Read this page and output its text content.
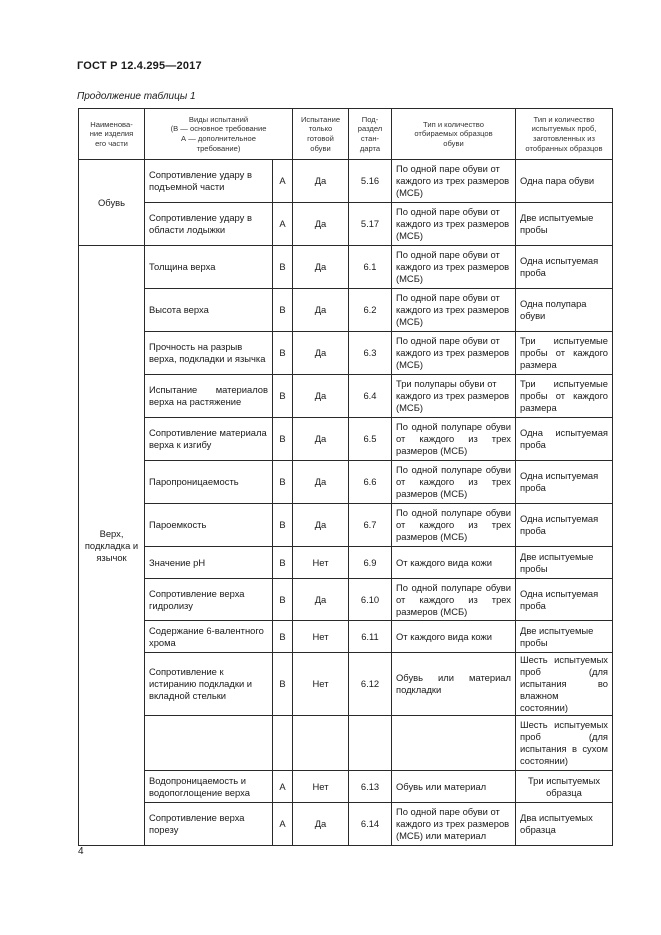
ГОСТ Р 12.4.295—2017
Продолжение таблицы 1
Наименова-
ние изделия
его части	Виды испытаний
(В — основное требование
А — дополнительное
требование)		Испытание
только
готовой
обуви	Под-
раздел
стан-
дарта	Тип и количество
отбираемых образцов
обуви	Тип и количество
испытуемых проб,
заготовленных из
отобранных образцов
Обувь	Сопротивление удару в подъемной части	А	Да	5.16	По одной паре обуви от каждого из трех размеров (МСБ)	Одна пара обуви
	Сопротивление удару в области лодыжки	А	Да	5.17	По одной паре обуви от каждого из трех размеров (МСБ)	Две испытуемые пробы
Верх, подкладка и язычок	Толщина верха	В	Да	6.1	По одной паре обуви от каждого из трех размеров (МСБ)	Одна испытуемая проба
	Высота верха	В	Да	6.2	По одной паре обуви от каждого из трех размеров (МСБ)	Одна полупара обуви
	Прочность на разрыв верха, подкладки и язычка	В	Да	6.3	По одной паре обуви от каждого из трех размеров (МСБ)	Три испытуемые пробы от каждого размера
	Испытание материалов верха на растяжение	В	Да	6.4	Три полупары обуви от каждого из трех размеров (МСБ)	Три испытуемые пробы от каждого размера
	Сопротивление материала верха к изгибу	В	Да	6.5	По одной полупаре обуви от каждого из трех размеров (МСБ)	Одна испытуемая проба
	Паропроницаемость	В	Да	6.6	По одной полупаре обуви от каждого из трех размеров (МСБ)	Одна испытуемая проба
	Пароемкость	В	Да	6.7	По одной полупаре обуви от каждого из трех размеров (МСБ)	Одна испытуемая проба
	Значение pH	В	Нет	6.9	От каждого вида кожи	Две испытуемые пробы
	Сопротивление верха гидролизу	В	Да	6.10	По одной полупаре обуви от каждого из трех размеров (МСБ)	Одна испытуемая проба
	Содержание 6-валентного хрома	В	Нет	6.11	От каждого вида кожи	Две испытуемые пробы
	Сопротивление к истиранию подкладки и вкладной стельки	В	Нет	6.12	Обувь или материал подкладки	Шесть испытуемых проб (для испытания во влажном состоянии)
						Шесть испытуемых проб (для испытания в сухом состоянии)
	Водопроницаемость и водопоглощение верха	А	Нет	6.13	Обувь или материал	Три испытуемых образца
	Сопротивление верха порезу	А	Да	6.14	По одной паре обуви от каждого из трех размеров (МСБ) или материал	Два испытуемых образца
4
